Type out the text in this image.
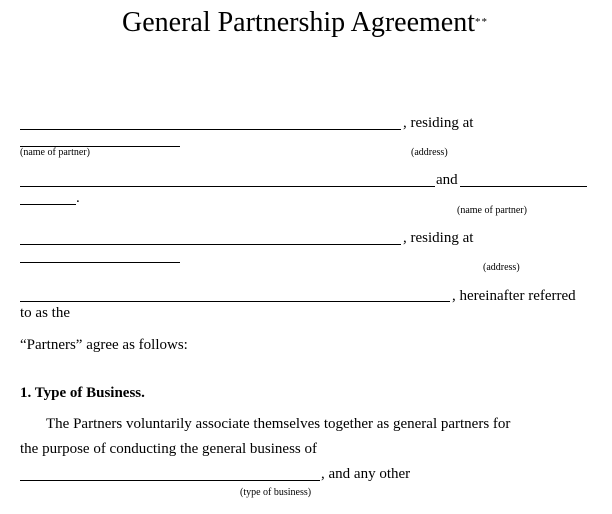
General Partnership Agreement**
, residing at
(name of partner)	(address)
and
.
(name of partner)
, residing at
(address)
, hereinafter referred
to as the
“Partners” agree as follows:
1. Type of Business.
The Partners voluntarily associate themselves together as general partners for
the purpose of conducting the general business of
, and any other
(type of business)
